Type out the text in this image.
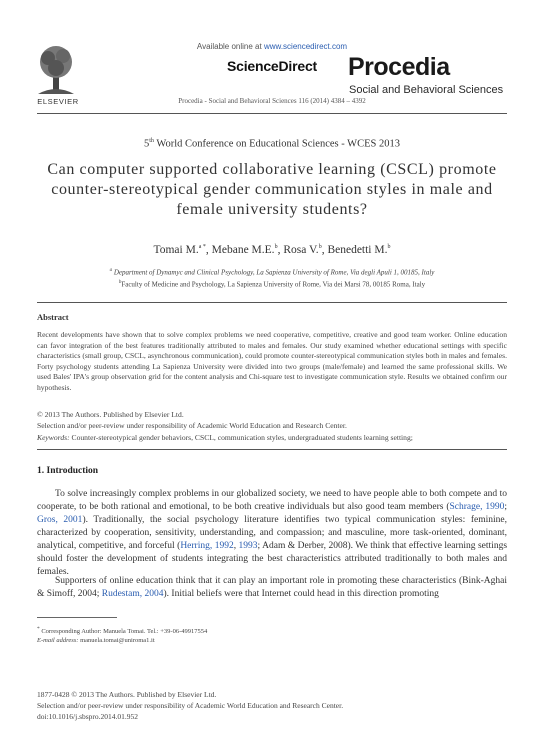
Available online at www.sciencedirect.com
ScienceDirect
Procedia - Social and Behavioral Sciences 116 (2014) 4384 – 4392
ELSEVIER
Procedia
Social and Behavioral Sciences
5th World Conference on Educational Sciences - WCES 2013
Can computer supported collaborative learning (CSCL) promote counter-stereotypical gender communication styles in male and female university students?
Tomai M.$^{a *}$, Mebane M.E.$^b$, Rosa V.$^b$, Benedetti M.$^b$
$^a$ Department of Dynamyc and Clinical Psychology, La Sapienza University of Rome, Via degli Apuli 1, 00185, Italy
$^b$Faculty of Medicine and Psychology, La Sapienza University of Rome, Via dei Marsi 78, 00185 Roma, Italy
Abstract
Recent developments have shown that to solve complex problems we need cooperative, competitive, creative and good team worker. Online education can favor integration of the best features traditionally attributed to males and females. Our study examined whether educational settings with specific characteristics (small group, CSCL, asynchronous communication), could promote counter-stereotypical communication styles both in males and females. Forty psychology students attending La Sapienza University were divided into two groups (male/female) and learned the same professional skills. We used Bales' IPA's group observation grid for the content analysis and Chi-square test to investigate communication style. Results we obtained confirm our hypothesis.
© 2013 The Authors. Published by Elsevier Ltd.
Selection and/or peer-review under responsibility of Academic World Education and Research Center.
Keywords: Counter-stereotypical gender behaviors, CSCL, communication styles, undergraduated students learning setting;
1. Introduction
To solve increasingly complex problems in our globalized society, we need to have people able to both compete and to cooperate, to be both rational and emotional, to be both creative individuals but also good team members (Schrage, 1990; Gros, 2001). Traditionally, the social psychology literature identifies two typical communication styles: feminine, characterized by cooperation, sensitivity, understanding, and compassion; and masculine, more task-oriented, dominant, analytical, competitive, and forceful (Herring, 1992, 1993; Adam & Derber, 2008). We think that effective learning settings should foster the development of students integrating the best characteristics attributed traditionally to both males and females.
Supporters of online education think that it can play an important role in promoting these characteristics (Bink-Aghai & Simoff, 2004; Rudestam, 2004). Initial beliefs were that Internet could head in this direction promoting
* Corresponding Author: Manuela Tomai. Tel.: +39-06-49917554
E-mail address: manuela.tomai@uniroma1.it
1877-0428 © 2013 The Authors. Published by Elsevier Ltd.
Selection and/or peer-review under responsibility of Academic World Education and Research Center.
doi:10.1016/j.sbspro.2014.01.952
